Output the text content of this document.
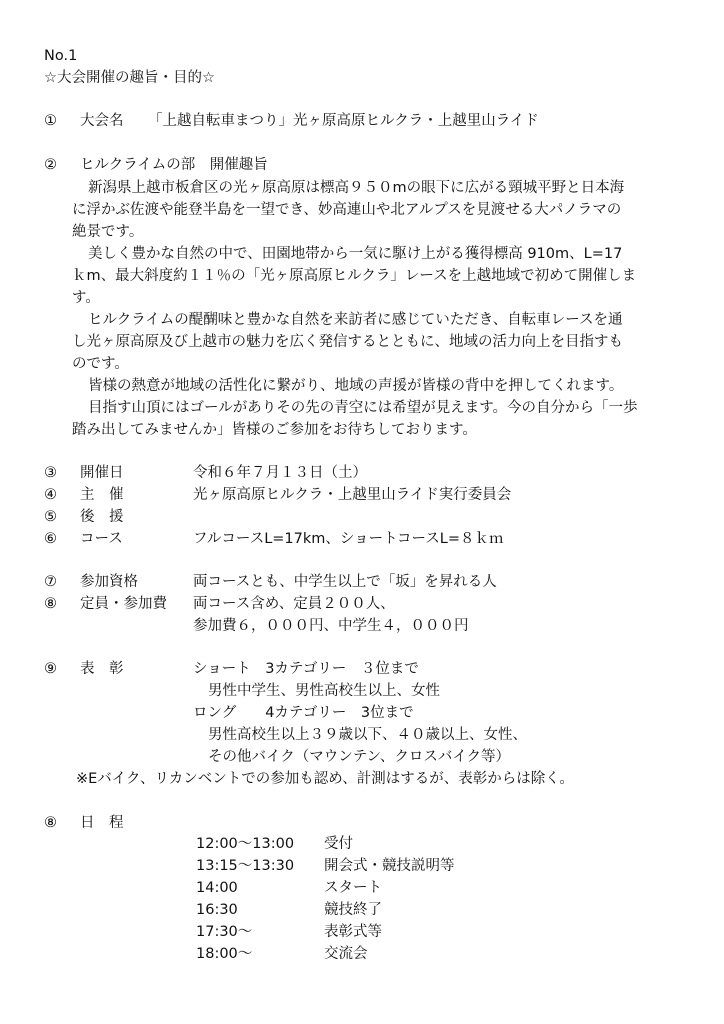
No.1
☆大会開催の趣旨・目的☆
① 大会名 「上越自転車まつり」光ヶ原高原ヒルクラ・上越里山ライド
② ヒルクライムの部　開催趣旨
新潟県上越市板倉区の光ヶ原高原は標高９５０mの眼下に広がる頸城平野と日本海
に浮かぶ佐渡や能登半島を一望でき、妙高連山や北アルプスを見渡せる大パノラマの
絶景です。
美しく豊かな自然の中で、田園地帯から一気に駆け上がる獲得標高 910m、L=17
ｋm、最大斜度約１１％の「光ヶ原高原ヒルクラ」レースを上越地域で初めて開催しま
す。
ヒルクライムの醍醐味と豊かな自然を来訪者に感じていただき、自転車レースを通
し光ヶ原高原及び上越市の魅力を広く発信するとともに、地域の活力向上を目指すも
のです。
皆様の熱意が地域の活性化に繋がり、地域の声援が皆様の背中を押してくれます。
目指す山頂にはゴールがありその先の青空には希望が見えます。今の自分から「一歩
踏み出してみませんか」皆様のご参加をお待ちしております。
③ 開催日	令和６年７月１３日（土）
④ 主　催	光ヶ原高原ヒルクラ・上越里山ライド実行委員会
⑤ 後　援
⑥ コース	フルコースL=17km、ショートコースL=８ｋｍ
⑦ 参加資格	両コースとも、中学生以上で「坂」を昇れる人
⑧ 定員・参加費 両コース含め、定員２００人、
参加費６，０００円、中学生４，０００円
⑨ 表　彰	ショート　3カテゴリー　３位まで
男性中学生、男性高校生以上、女性
ロング　　4カテゴリー　3位まで
男性高校生以上３９歳以下、４０歳以上、女性、
その他バイク（マウンテン、クロスバイク等）
※Eバイク、リカンベントでの参加も認め、計測はするが、表彰からは除く。
⑧ 日　程
12:00～13:00 受付
13:15～13:30 開会式・競技説明等
14:00	スタート
16:30	競技終了
17:30～	表彰式等
18:00～	交流会
